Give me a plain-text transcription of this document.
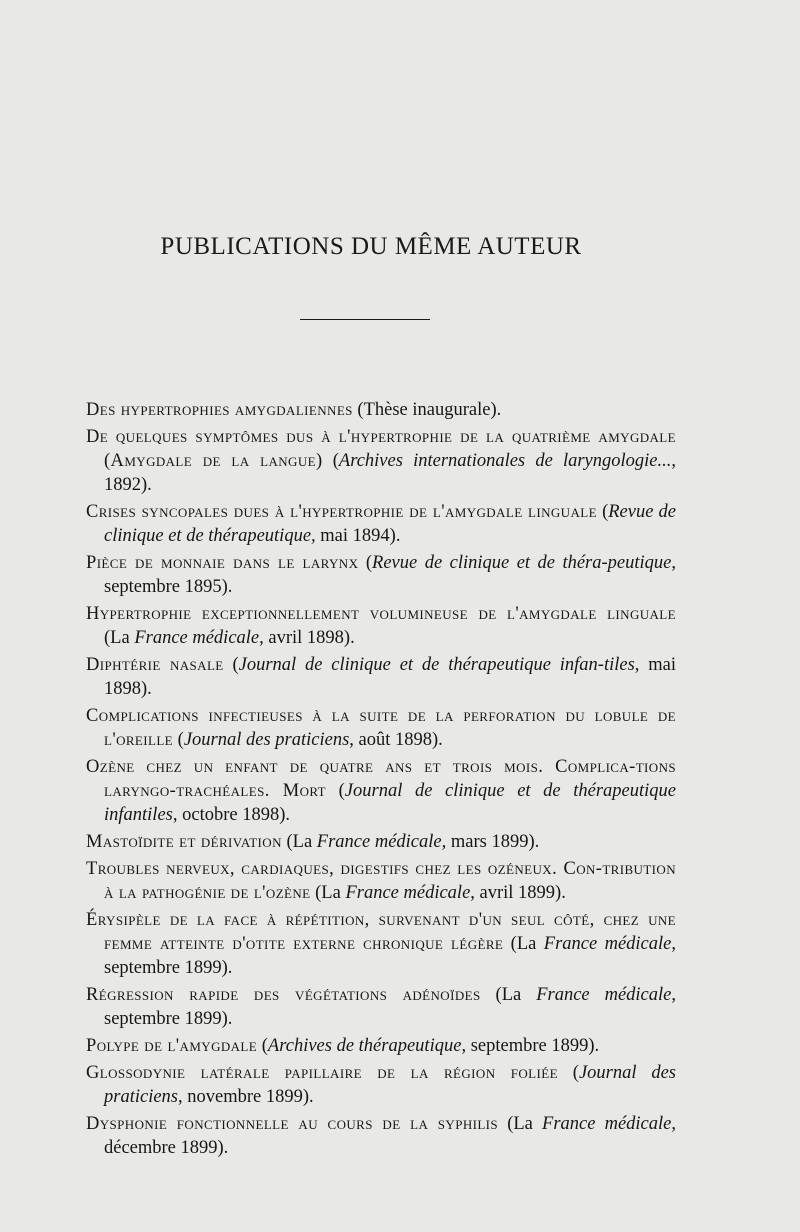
PUBLICATIONS DU MÊME AUTEUR

Des hypertrophies amygdaliennes (Thèse inaugurale).

De quelques symptômes dus à l'hypertrophie de la quatrième amygdale (Amygdale de la langue) (Archives internationales de laryngologie..., 1892).

Crises syncopales dues à l'hypertrophie de l'amygdale linguale (Revue de clinique et de thérapeutique, mai 1894).

Pièce de monnaie dans le larynx (Revue de clinique et de théra-peutique, septembre 1895).

Hypertrophie exceptionnellement volumineuse de l'amygdale linguale (La France médicale, avril 1898).

Diphtérie nasale (Journal de clinique et de thérapeutique infan-tiles, mai 1898).

Complications infectieuses à la suite de la perforation du lobule de l'oreille (Journal des praticiens, août 1898).

Ozène chez un enfant de quatre ans et trois mois. Complica-tions laryngo-trachéales. Mort (Journal de clinique et de thérapeutique infantiles, octobre 1898).

Mastoïdite et dérivation (La France médicale, mars 1899).

Troubles nerveux, cardiaques, digestifs chez les ozéneux. Con-tribution à la pathogénie de l'ozène (La France médicale, avril 1899).

Érysipèle de la face à répétition, survenant d'un seul côté, chez une femme atteinte d'otite externe chronique légère (La France médicale, septembre 1899).

Régression rapide des végétations adénoïdes (La France médicale, septembre 1899).

Polype de l'amygdale (Archives de thérapeutique, septembre 1899).

Glossodynie latérale papillaire de la région foliée (Journal des praticiens, novembre 1899).

Dysphonie fonctionnelle au cours de la syphilis (La France médicale, décembre 1899).
